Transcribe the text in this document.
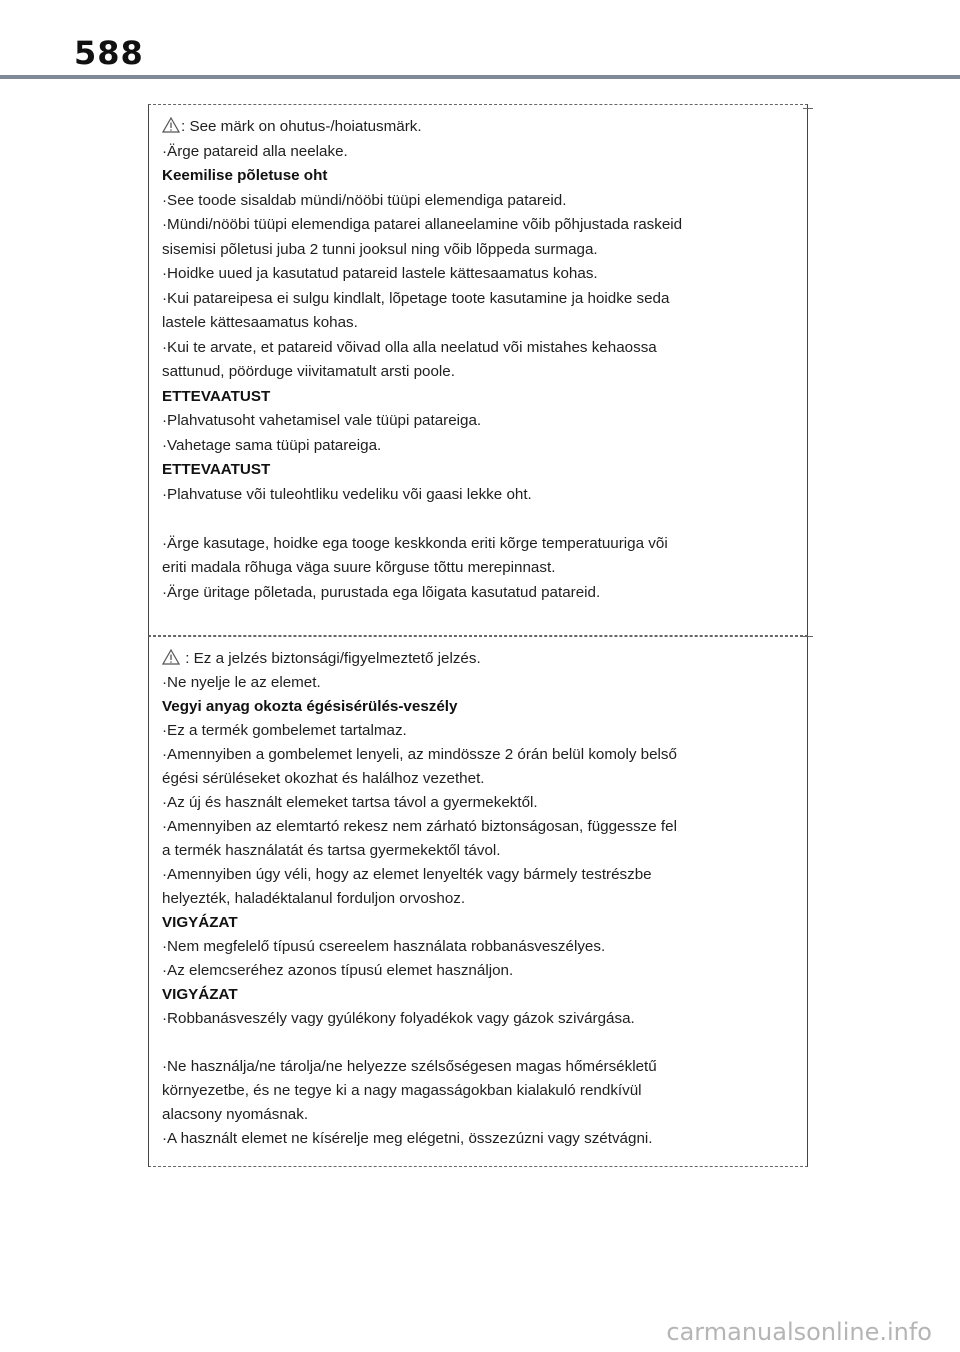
588
: See märk on ohutus-/hoiatusmärk.
·Ärge patareid alla neelake.
Keemilise põletuse oht
·See toode sisaldab mündi/nööbi tüüpi elemendiga patareid.
·Mündi/nööbi tüüpi elemendiga patarei allaneelamine võib põhjustada raskeid
sisemisi põletusi juba 2 tunni jooksul ning võib lõppeda surmaga.
·Hoidke uued ja kasutatud patareid lastele kättesaamatus kohas.
·Kui patareipesa ei sulgu kindlalt, lõpetage toote kasutamine ja hoidke seda
lastele kättesaamatus kohas.
·Kui te arvate, et patareid võivad olla alla neelatud või mistahes kehaossa
sattunud, pöörduge viivitamatult arsti poole.
ETTEVAATUST
·Plahvatusoht vahetamisel vale tüüpi patareiga.
·Vahetage sama tüüpi patareiga.
ETTEVAATUST
·Plahvatuse või tuleohtliku vedeliku või gaasi lekke oht.
·Ärge kasutage, hoidke ega tooge keskkonda eriti kõrge temperatuuriga või
eriti madala rõhuga väga suure kõrguse tõttu merepinnast.
·Ärge üritage põletada, purustada ega lõigata kasutatud patareid.
: Ez a jelzés biztonsági/figyelmeztető jelzés.
·Ne nyelje le az elemet.
Vegyi anyag okozta égésisérülés-veszély
·Ez a termék gombelemet tartalmaz.
·Amennyiben a gombelemet lenyeli, az mindössze 2 órán belül komoly belső
égési sérüléseket okozhat és halálhoz vezethet.
·Az új és használt elemeket tartsa távol a gyermekektől.
·Amennyiben az elemtartó rekesz nem zárható biztonságosan, függessze fel
a termék használatát és tartsa gyermekektől távol.
·Amennyiben úgy véli, hogy az elemet lenyelték vagy bármely testrészbe
helyezték, haladéktalanul forduljon orvoshoz.
VIGYÁZAT
·Nem megfelelő típusú csereelem használata robbanásveszélyes.
·Az elemcseréhez azonos típusú elemet használjon.
VIGYÁZAT
·Robbanásveszély vagy gyúlékony folyadékok vagy gázok szivárgása.
·Ne használja/ne tárolja/ne helyezze szélsőségesen magas hőmérsékletű
környezetbe, és ne tegye ki a nagy magasságokban kialakuló rendkívül
alacsony nyomásnak.
·A használt elemet ne kísérelje meg elégetni, összezúzni vagy szétvágni.
carmanualsonline.info
